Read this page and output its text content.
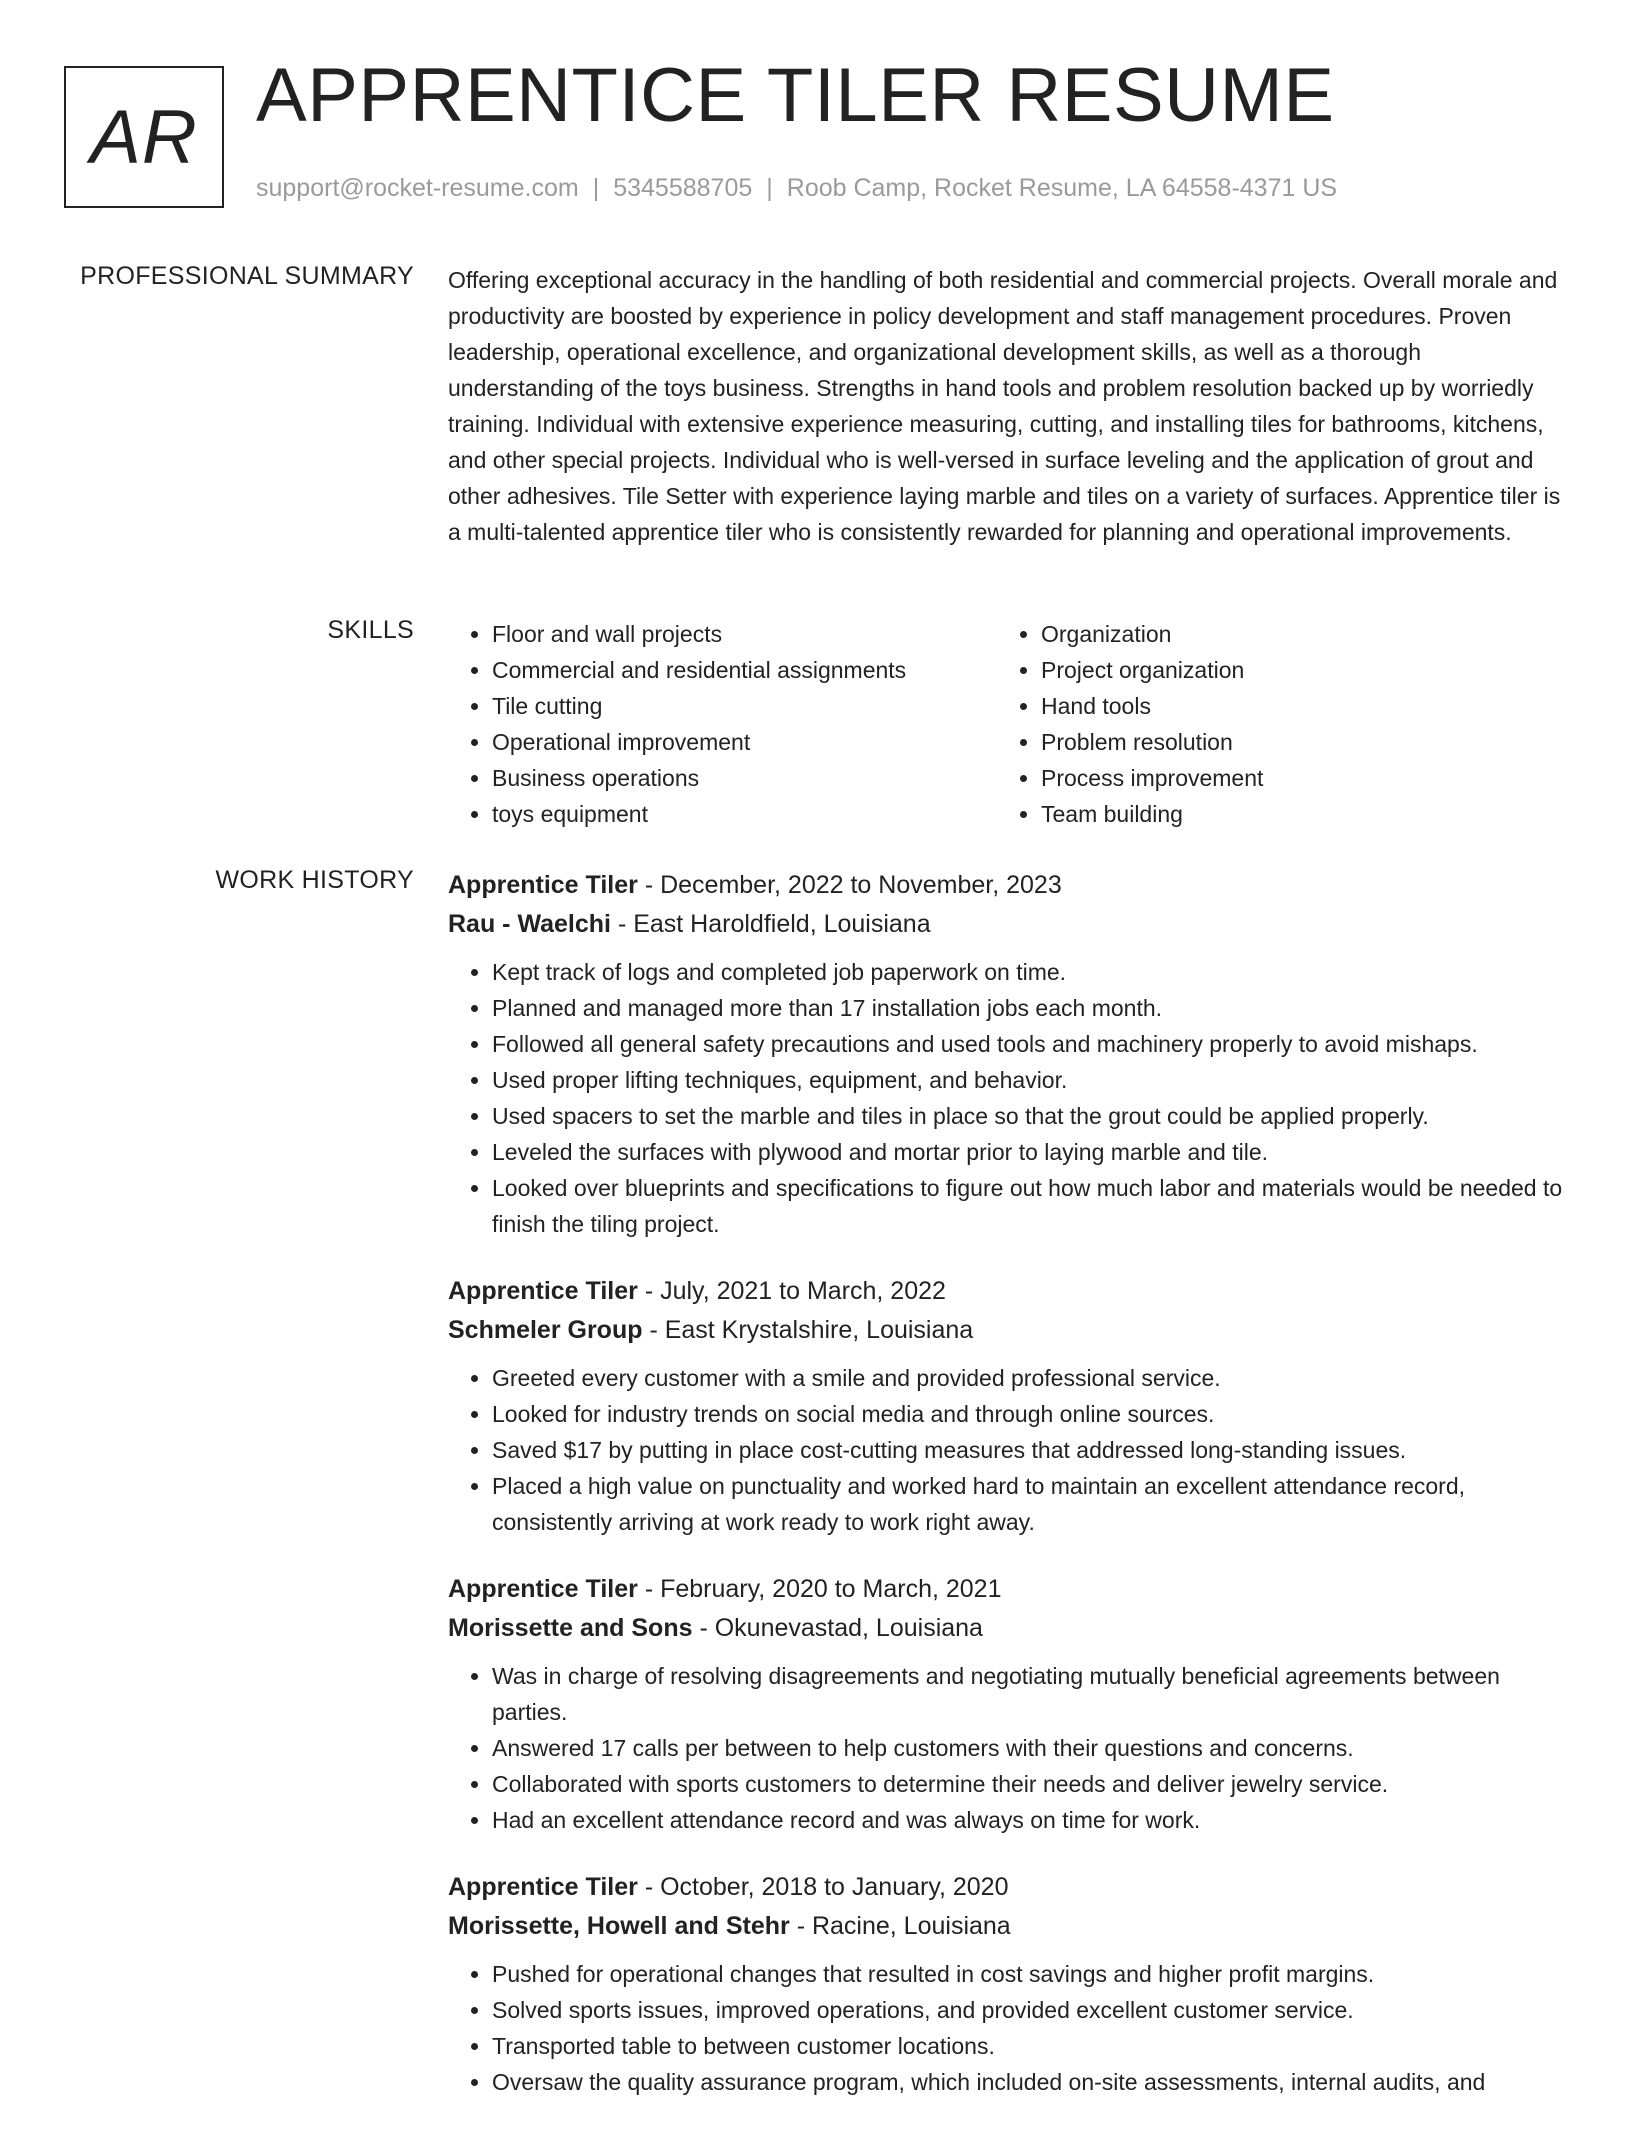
AR APPRENTICE TILER RESUME
support@rocket-resume.com | 5345588705 | Roob Camp, Rocket Resume, LA 64558-4371 US
PROFESSIONAL SUMMARY Offering exceptional accuracy in the handling of both residential and commercial projects. Overall morale and productivity are boosted by experience in policy development and staff management procedures. Proven leadership, operational excellence, and organizational development skills, as well as a thorough understanding of the toys business. Strengths in hand tools and problem resolution backed up by worriedly training. Individual with extensive experience measuring, cutting, and installing tiles for bathrooms, kitchens, and other special projects. Individual who is well-versed in surface leveling and the application of grout and other adhesives. Tile Setter with experience laying marble and tiles on a variety of surfaces. Apprentice tiler is a multi-talented apprentice tiler who is consistently rewarded for planning and operational improvements.

SKILLS
•	Floor and wall projects
• Commercial and residential assignments
• Tile cutting
• Operational improvement
• Business operations
• toys equipment
• Organization
• Project organization
• Hand tools
• Problem resolution
• Process improvement
• Team building
WORK HISTORY Apprentice Tiler - December, 2022 to November, 2023
Rau - Waelchi - East Haroldfield, Louisiana
• Kept track of logs and completed job paperwork on time.
• Planned and managed more than 17 installation jobs each month.
• Followed all general safety precautions and used tools and machinery properly to avoid mishaps.
• Used proper lifting techniques, equipment, and behavior.
• Used spacers to set the marble and tiles in place so that the grout could be applied properly.
• Leveled the surfaces with plywood and mortar prior to laying marble and tile.
• Looked over blueprints and specifications to figure out how much labor and materials would be needed to finish the tiling project.
Apprentice Tiler - July, 2021 to March, 2022
Schmeler Group - East Krystalshire, Louisiana
• Greeted every customer with a smile and provided professional service.
• Looked for industry trends on social media and through online sources.
• Saved $17 by putting in place cost-cutting measures that addressed long-standing issues.
• Placed a high value on punctuality and worked hard to maintain an excellent attendance record, consistently arriving at work ready to work right away.
Apprentice Tiler - February, 2020 to March, 2021
Morissette and Sons - Okunevastad, Louisiana
• Was in charge of resolving disagreements and negotiating mutually beneficial agreements between parties.
• Answered 17 calls per between to help customers with their questions and concerns.
• Collaborated with sports customers to determine their needs and deliver jewelry service.
• Had an excellent attendance record and was always on time for work.
Apprentice Tiler - October, 2018 to January, 2020
Morissette, Howell and Stehr - Racine, Louisiana
• Pushed for operational changes that resulted in cost savings and higher profit margins.
• Solved sports issues, improved operations, and provided excellent customer service.
• Transported table to between customer locations.
• Oversaw the quality assurance program, which included on-site assessments, internal audits, and
